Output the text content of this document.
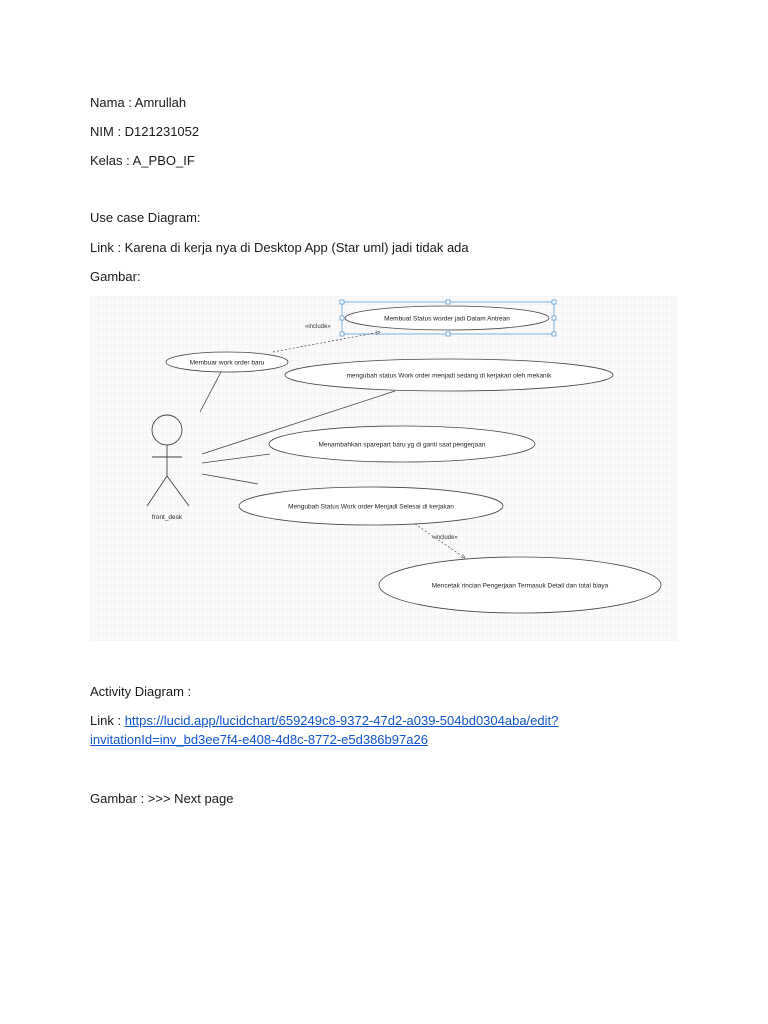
Nama : Amrullah
NIM : D121231052
Kelas : A_PBO_IF
Use case Diagram:
Link : Karena di kerja nya di Desktop App (Star uml) jadi tidak ada
Gambar:
«include»
«include»
Membuat Status worder jadi Dalam Antrean
Membuar work order baru
mengubah status Work order menjadi sedang di kerjakan oleh mekanik
Menambahkan sparepart baru yg di ganti saat pengerjaan
Mengubah Status Work order Menjadi Selesai di kerjakan
Mencetak rincian Pengerjaan Termasuk Detail dan total biaya
front_desk
Activity Diagram :
Link : https://lucid.app/lucidchart/659249c8-9372-47d2-a039-504bd0304aba/edit?
invitationId=inv_bd3ee7f4-e408-4d8c-8772-e5d386b97a26
Gambar : >>> Next page
